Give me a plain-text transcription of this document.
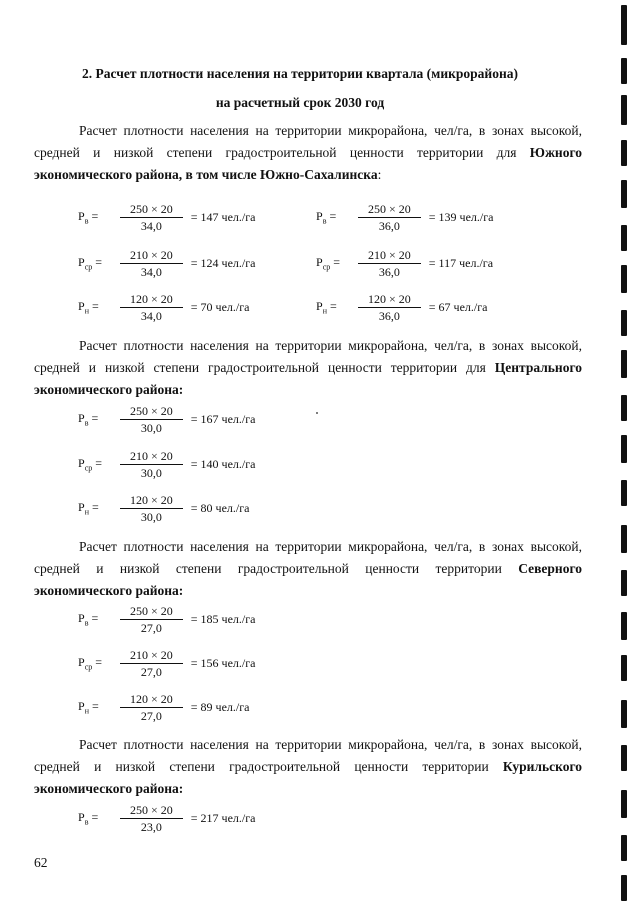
2. Расчет плотности населения на территории квартала (микрорайона)
на расчетный срок 2030 год

Расчет плотности населения на территории микрорайона, чел/га, в зонах высокой, средней и низкой степени градостроительной ценности территории для Южного экономического района, в том числе Южно-Сахалинска:

$Р_в$ =	$\frac{250 \times 20}{34,0} = 147$ чел./га	$Р_в$ =	$\frac{250 \times 20}{36,0} = 139$ чел./га
$Р_{ср}$ =	$\frac{210 \times 20}{34,0} = 124$ чел./га	$Р_{ср}$ =	$\frac{210 \times 20}{36,0} = 117$ чел./га
$Р_н$ =	$\frac{120 \times 20}{34,0} = 70$ чел./га	$Р_н$ =	$\frac{120 \times 20}{36,0} = 67$ чел./га

Расчет плотности населения на территории микрорайона, чел/га, в зонах высокой, средней и низкой степени градостроительной ценности территории для Центрального экономического района:

$Р_в$ =	$\frac{250 \times 20}{30,0} = 167$ чел./га
$Р_{ср}$ =	$\frac{210 \times 20}{30,0} = 140$ чел./га
$Р_н$ =	$\frac{120 \times 20}{30,0} = 80$ чел./га

Расчет плотности населения на территории микрорайона, чел/га, в зонах высокой, средней и низкой степени градостроительной ценности территории Северного экономического района:

$Р_в$ =	$\frac{250 \times 20}{27,0} = 185$ чел./га
$Р_{ср}$ =	$\frac{210 \times 20}{27,0} = 156$ чел./га
$Р_н$ =	$\frac{120 \times 20}{27,0} = 89$ чел./га

Расчет плотности населения на территории микрорайона, чел/га, в зонах высокой, средней и низкой степени градостроительной ценности территории Курильского экономического района:

$Р_в$ =	$\frac{250 \times 20}{23,0} = 217$ чел./га
62
